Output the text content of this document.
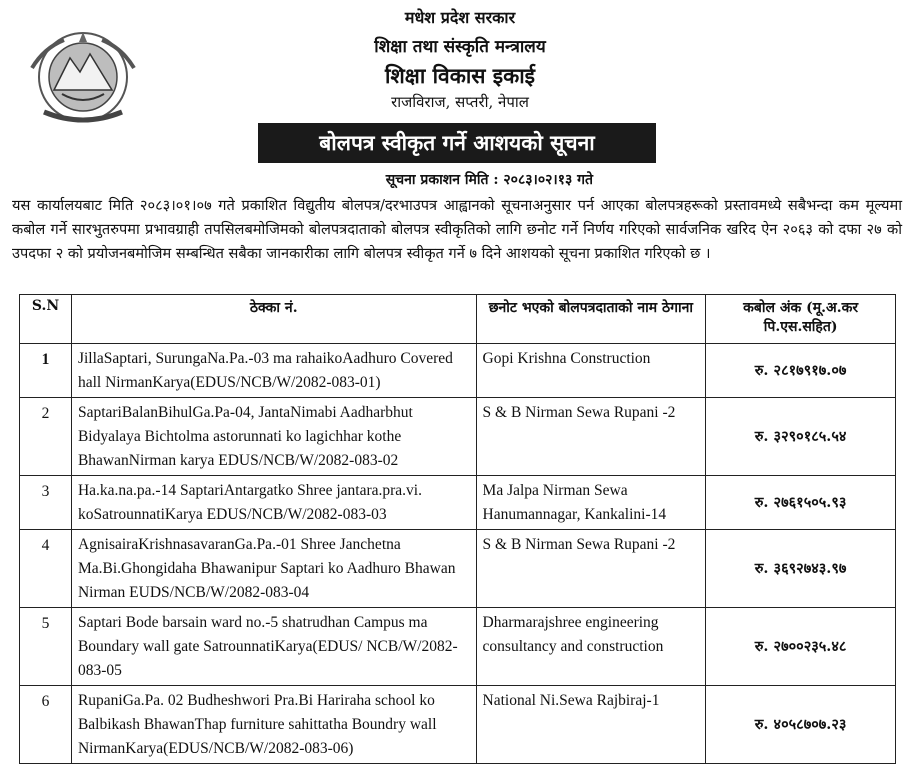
मधेश प्रदेश सरकार
शिक्षा तथा संस्कृति मन्त्रालय
शिक्षा विकास इकाई
राजविराज, सप्तरी, नेपाल
बोलपत्र स्वीकृत गर्ने आशयको सूचना
सूचना प्रकाशन मिति : २०८३।०२।१३ गते

यस कार्यालयबाट मिति २०८३।०१।०७ गते प्रकाशित विद्युतीय बोलपत्र/दरभाउपत्र आह्वानको सूचनाअनुसार पर्न आएका बोलपत्रहरूको प्रस्तावमध्ये सबैभन्दा कम मूल्यमा कबोल गर्ने सारभुतरुपमा प्रभावग्राही तपसिलबमोजिमको बोलपत्रदाताको बोलपत्र स्वीकृतिको लागि छनोट गर्ने निर्णय गरिएको सार्वजनिक खरिद ऐन २०६३ को दफा २७ को उपदफा २ को प्रयोजनबमोजिम सम्बन्धित सबैका जानकारीका लागि बोलपत्र स्वीकृत गर्ने ७ दिने आशयको सूचना प्रकाशित गरिएको छ ।

S.N	ठेक्का नं.	छनोट भएको बोलपत्रदाताको नाम ठेगाना	कबोल अंक (मू.अ.कर पि.एस.सहित)
1	JillaSaptari, SurungaNa.Pa.-03 ma rahaikoAadhuro Covered hall NirmanKarya(EDUS/NCB/W/2082-083-01)	Gopi Krishna Construction	रु. २८१७९१७.०७
2	SaptariBalanBihulGa.Pa-04, JantaNimabi Aadharbhut Bidyalaya Bichtolma astorunnati ko lagichhar kothe BhawanNirman karya EDUS/NCB/W/2082-083-02	S & B Nirman Sewa Rupani -2	रु. ३२९०१८५.५४
3	Ha.ka.na.pa.-14 SaptariAntargatko Shree jantara.pra.vi. koSatrounnatiKarya EDUS/NCB/W/2082-083-03	Ma Jalpa Nirman Sewa Hanumannagar, Kankalini-14	रु. २७६१५०५.९३
4	AgnisairaKrishnasavaranGa.Pa.-01 Shree Janchetna Ma.Bi.Ghongidaha Bhawanipur Saptari ko Aadhuro Bhawan Nirman EUDS/NCB/W/2082-083-04	S & B Nirman Sewa Rupani -2	रु. ३६९२७४३.९७
5	Saptari Bode barsain ward no.-5 shatrudhan Campus ma Boundary wall gate SatrounnatiKarya(EDUS/ NCB/W/2082-083-05	Dharmarajshree engineering consultancy and construction	रु. २७००२३५.४८
6	RupaniGa.Pa. 02 Budheshwori Pra.Bi Hariraha school ko Balbikash BhawanThap furniture sahittatha Boundry wall NirmanKarya(EDUS/NCB/W/2082-083-06)	National Ni.Sewa Rajbiraj-1	रु. ४०५८७०७.२३
